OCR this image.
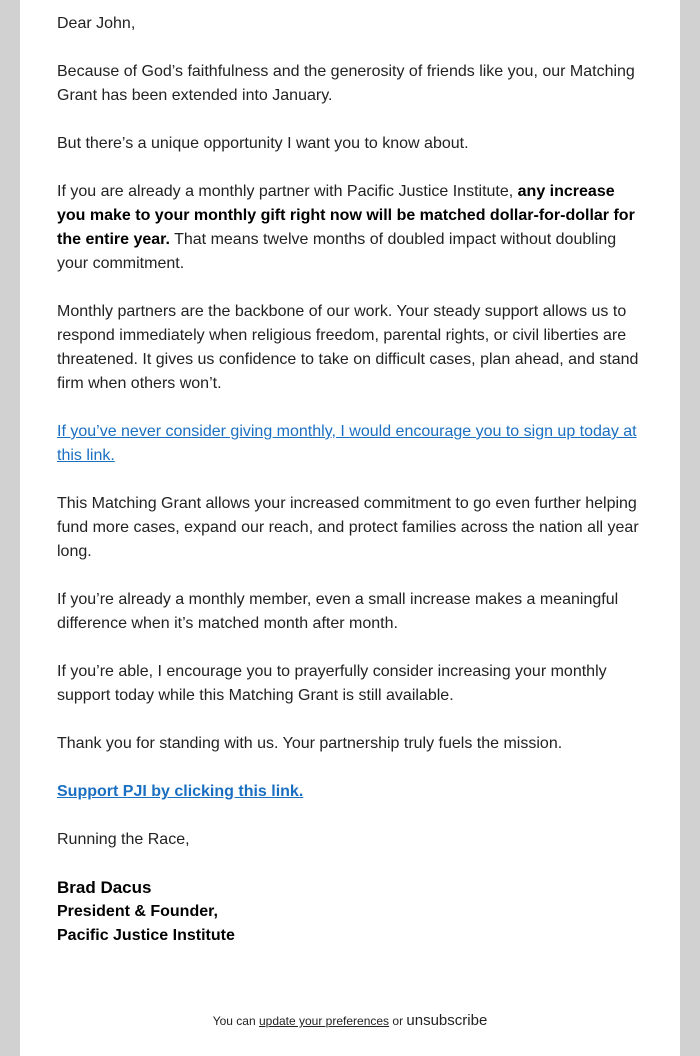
Dear John,

Because of God’s faithfulness and the generosity of friends like you, our Matching Grant has been extended into January.

But there’s a unique opportunity I want you to know about.

If you are already a monthly partner with Pacific Justice Institute, any increase you make to your monthly gift right now will be matched dollar-for-dollar for the entire year. That means twelve months of doubled impact without doubling your commitment.

Monthly partners are the backbone of our work. Your steady support allows us to respond immediately when religious freedom, parental rights, or civil liberties are threatened. It gives us confidence to take on difficult cases, plan ahead, and stand firm when others won’t.

If you’ve never consider giving monthly, I would encourage you to sign up today at this link.

This Matching Grant allows your increased commitment to go even further helping fund more cases, expand our reach, and protect families across the nation all year long.

If you’re already a monthly member, even a small increase makes a meaningful difference when it’s matched month after month.

If you’re able, I encourage you to prayerfully consider increasing your monthly support today while this Matching Grant is still available.

Thank you for standing with us. Your partnership truly fuels the mission.

Support PJI by clicking this link.

Running the Race,

Brad Dacus
President & Founder,
Pacific Justice Institute
You can update your preferences or unsubscribe
